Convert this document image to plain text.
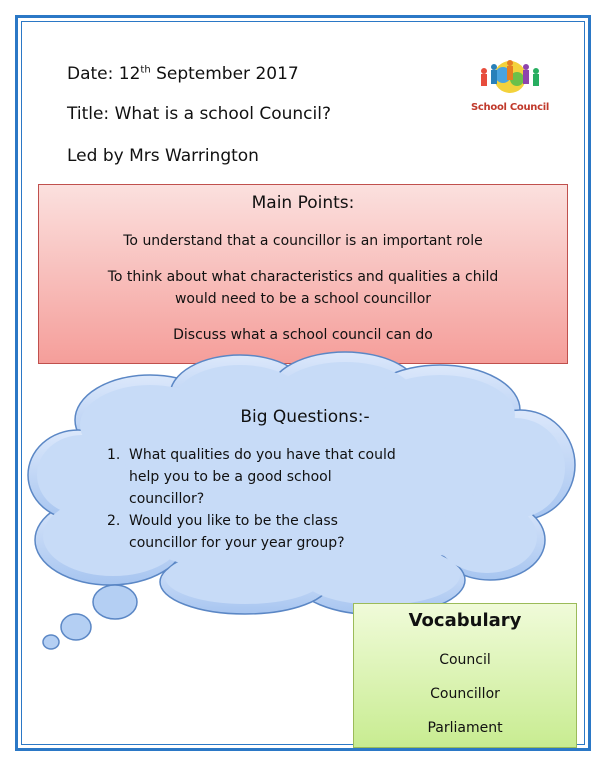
Date: 12th September 2017
Title: What is a school Council?
Led by Mrs Warrington
School Council
Main Points:
To understand that a councillor is an important role
To think about what characteristics and qualities a child
would need to be a school councillor
Discuss what a school council can do
Big Questions:-
1. What qualities do you have that could
help you to be a good school
councillor?
2. Would you like to be the class
councillor for your year group?
Vocabulary
Council
Councillor
Parliament
